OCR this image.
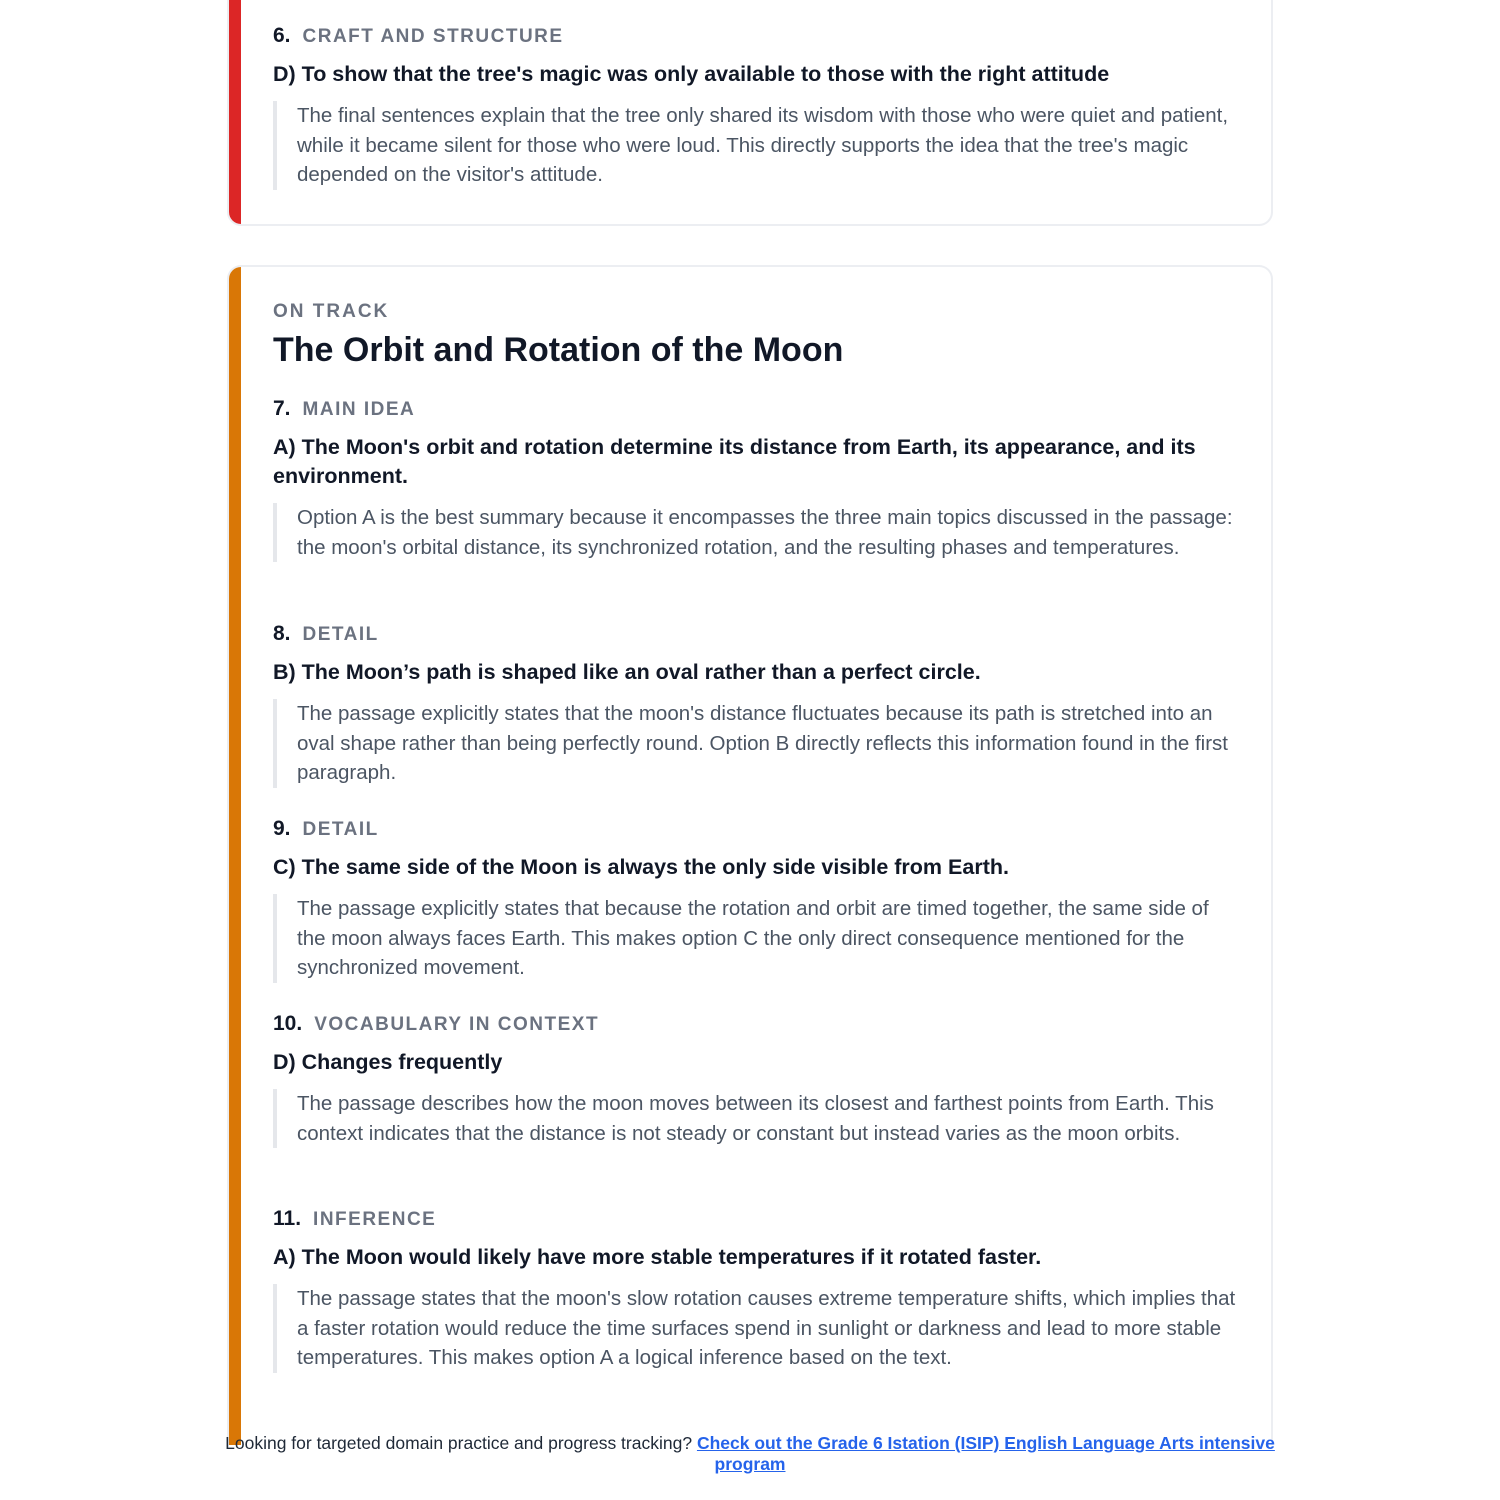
6. CRAFT AND STRUCTURE
D) To show that the tree's magic was only available to those with the right attitude
The final sentences explain that the tree only shared its wisdom with those who were quiet and patient, while it became silent for those who were loud. This directly supports the idea that the tree's magic depended on the visitor's attitude.
ON TRACK
The Orbit and Rotation of the Moon
7. MAIN IDEA
A) The Moon's orbit and rotation determine its distance from Earth, its appearance, and its environment.
Option A is the best summary because it encompasses the three main topics discussed in the passage: the moon's orbital distance, its synchronized rotation, and the resulting phases and temperatures.
8. DETAIL
B) The Moon’s path is shaped like an oval rather than a perfect circle.
The passage explicitly states that the moon's distance fluctuates because its path is stretched into an oval shape rather than being perfectly round. Option B directly reflects this information found in the first paragraph.
9. DETAIL
C) The same side of the Moon is always the only side visible from Earth.
The passage explicitly states that because the rotation and orbit are timed together, the same side of the moon always faces Earth. This makes option C the only direct consequence mentioned for the synchronized movement.
10. VOCABULARY IN CONTEXT
D) Changes frequently
The passage describes how the moon moves between its closest and farthest points from Earth. This context indicates that the distance is not steady or constant but instead varies as the moon orbits.
11. INFERENCE
A) The Moon would likely have more stable temperatures if it rotated faster.
The passage states that the moon's slow rotation causes extreme temperature shifts, which implies that a faster rotation would reduce the time surfaces spend in sunlight or darkness and lead to more stable temperatures. This makes option A a logical inference based on the text.
Looking for targeted domain practice and progress tracking? Check out the Grade 6 Istation (ISIP) English Language Arts intensive program
